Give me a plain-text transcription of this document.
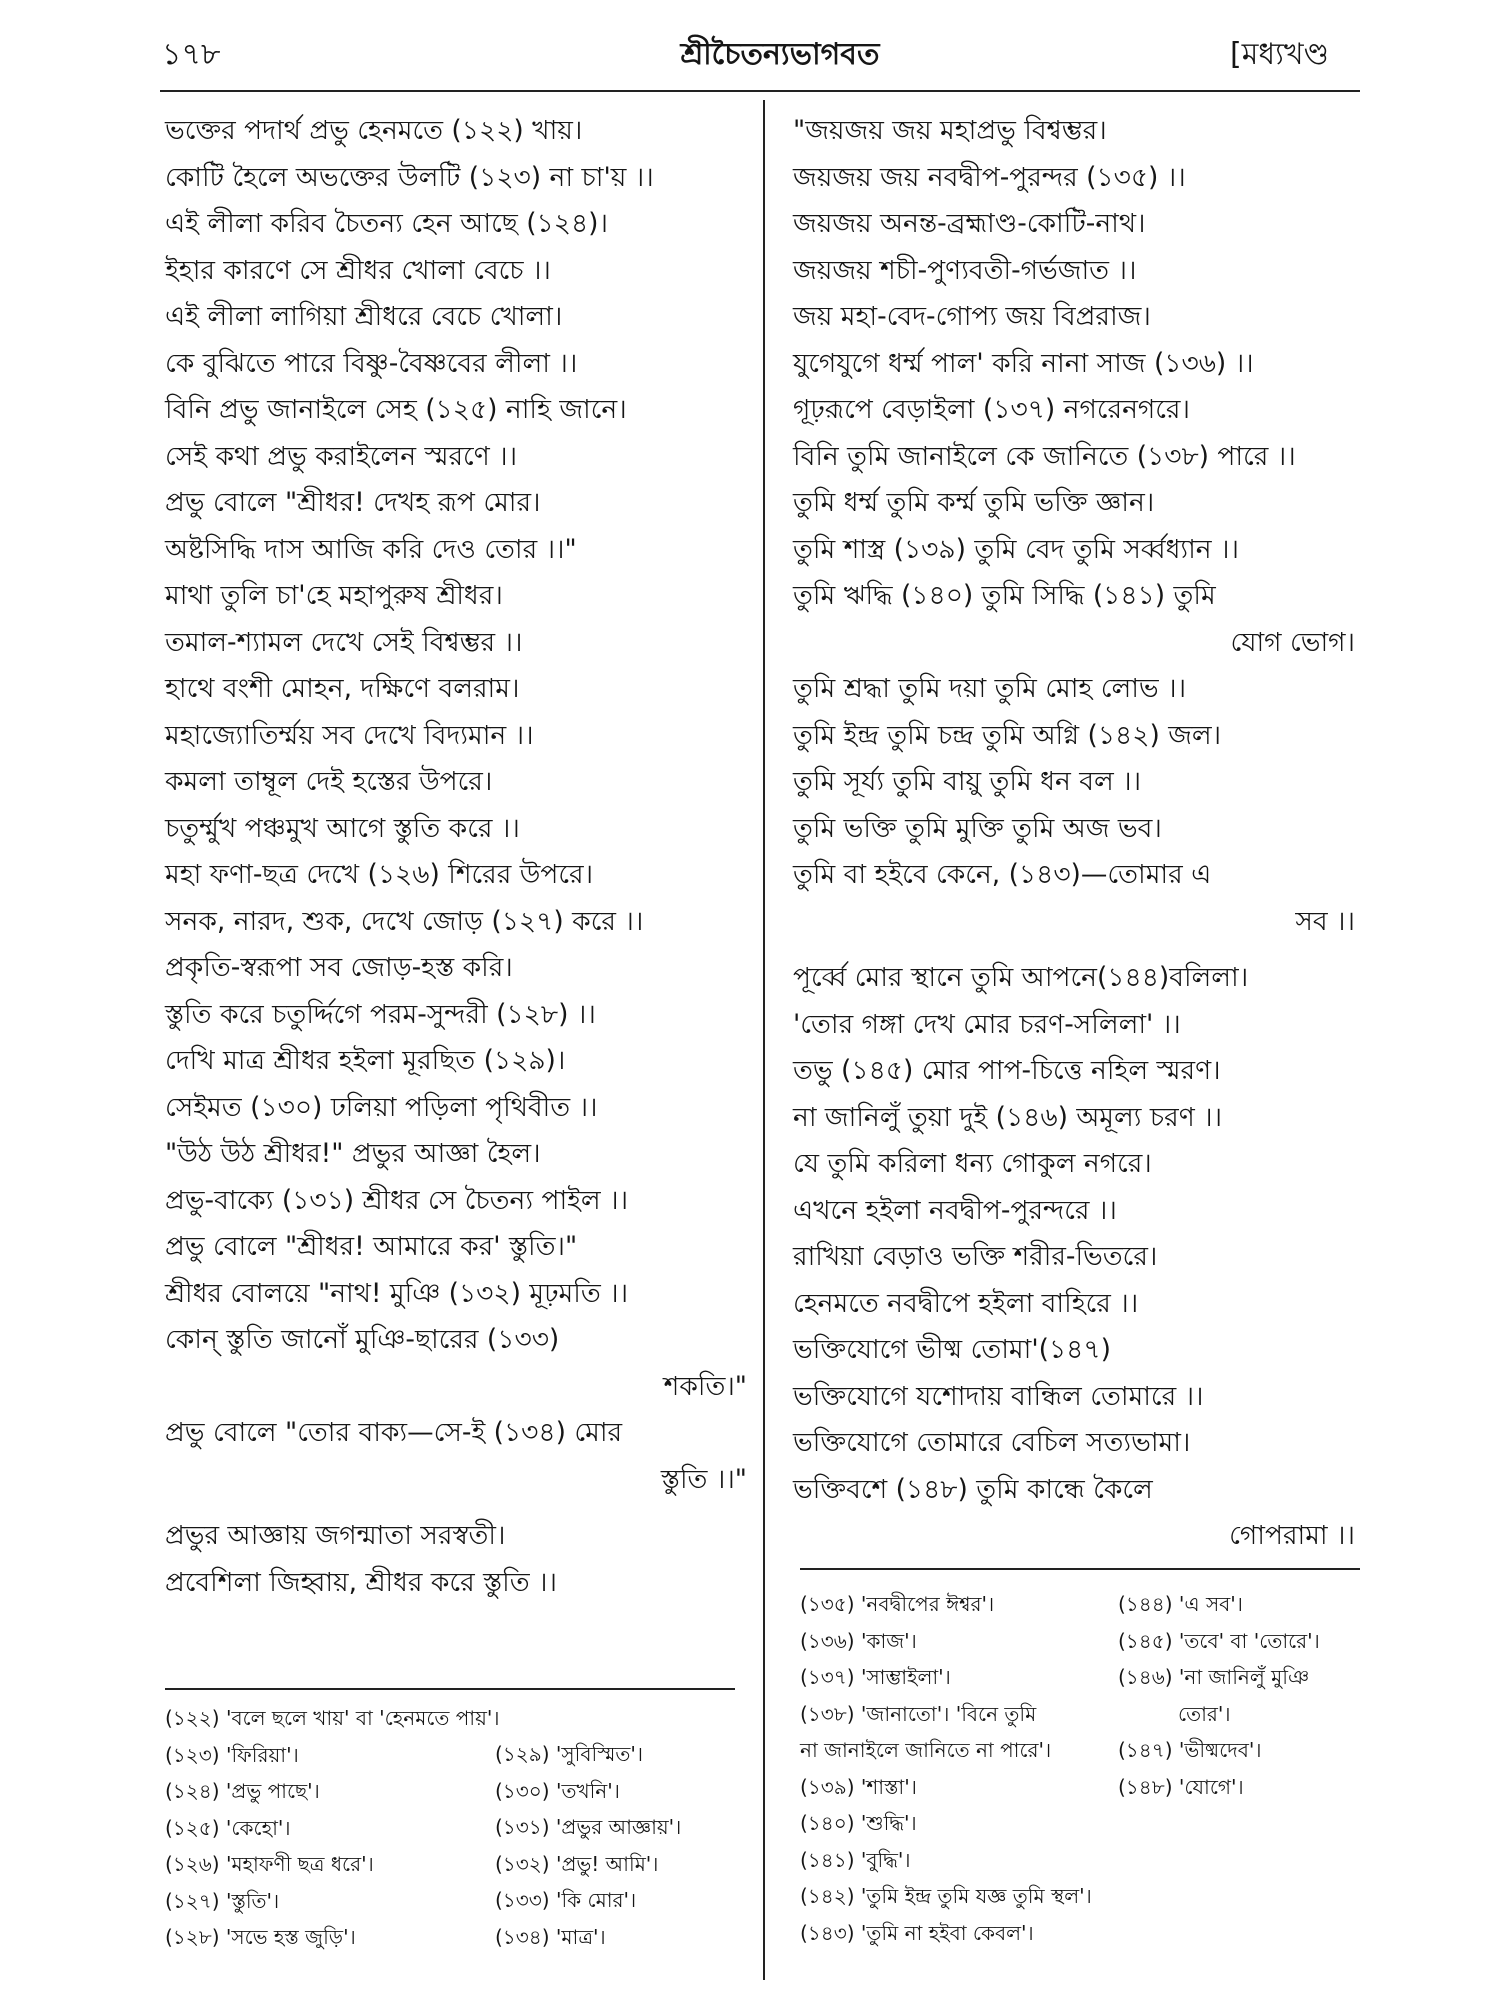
১৭৮	শ্রীচৈতন্যভাগবত	[মধ্যখণ্ড
ভক্তের পদার্থ প্রভু হেনমতে (১২২) খায়।
কোটি হৈলে অভক্তের উলটি (১২৩) না চা'য় ।।
এই লীলা করিব চৈতন্য হেন আছে (১২৪)।
ইহার কারণে সে শ্রীধর খোলা বেচে ।।
এই লীলা লাগিয়া শ্রীধরে বেচে খোলা।
কে বুঝিতে পারে বিষ্ণু-বৈষ্ণবের লীলা ।।
বিনি প্রভু জানাইলে সেহ (১২৫) নাহি জানে।
সেই কথা প্রভু করাইলেন স্মরণে ।।
প্রভু বোলে "শ্রীধর! দেখহ রূপ মোর।
অষ্টসিদ্ধি দাস আজি করি দেও তোর ।।"
মাথা তুলি চা'হে মহাপুরুষ শ্রীধর।
তমাল-শ্যামল দেখে সেই বিশ্বম্ভর ।।
হাথে বংশী মোহন, দক্ষিণে বলরাম।
মহাজ্যোতির্ম্ময় সব দেখে বিদ্যমান ।।
কমলা তাম্বূল দেই হস্তের উপরে।
চতুর্ম্মুখ পঞ্চমুখ আগে স্তুতি করে ।।
মহা ফণা-ছত্র দেখে (১২৬) শিরের উপরে।
সনক, নারদ, শুক, দেখে জোড় (১২৭) করে ।।
প্রকৃতি-স্বরূপা সব জোড়-হস্ত করি।
স্তুতি করে চতুর্দ্দিগে পরম-সুন্দরী (১২৮) ।।
দেখি মাত্র শ্রীধর হইলা মূরছিত (১২৯)।
সেইমত (১৩০) ঢলিয়া পড়িলা পৃথিবীত ।।
"উঠ উঠ শ্রীধর!" প্রভুর আজ্ঞা হৈল।
প্রভু-বাক্যে (১৩১) শ্রীধর সে চৈতন্য পাইল ।।
প্রভু বোলে "শ্রীধর! আমারে কর' স্তুতি।"
শ্রীধর বোলয়ে "নাথ! মুঞি (১৩২) মূঢ়মতি ।।
কোন্ স্তুতি জানোঁ মুঞি-ছারের (১৩৩)
শকতি।"
প্রভু বোলে "তোর বাক্য—সে-ই (১৩৪) মোর
স্তুতি ।।"
প্রভুর আজ্ঞায় জগন্মাতা সরস্বতী।
প্রবেশিলা জিহ্বায়, শ্রীধর করে স্তুতি ।।
"জয়জয় জয় মহাপ্রভু বিশ্বম্ভর।
জয়জয় জয় নবদ্বীপ-পুরন্দর (১৩৫) ।।
জয়জয় অনন্ত-ব্রহ্মাণ্ড-কোটি-নাথ।
জয়জয় শচী-পুণ্যবতী-গর্ভজাত ।।
জয় মহা-বেদ-গোপ্য জয় বিপ্ররাজ।
যুগেযুগে ধর্ম্ম পাল' করি নানা সাজ (১৩৬) ।।
গূঢ়রূপে বেড়াইলা (১৩৭) নগরেনগরে।
বিনি তুমি জানাইলে কে জানিতে (১৩৮) পারে ।।
তুমি ধর্ম্ম তুমি কর্ম্ম তুমি ভক্তি জ্ঞান।
তুমি শাস্ত্র (১৩৯) তুমি বেদ তুমি সর্ব্বধ্যান ।।
তুমি ঋদ্ধি (১৪০) তুমি সিদ্ধি (১৪১) তুমি
যোগ ভোগ।
তুমি শ্রদ্ধা তুমি দয়া তুমি মোহ লোভ ।।
তুমি ইন্দ্র তুমি চন্দ্র তুমি অগ্নি (১৪২) জল।
তুমি সূর্য্য তুমি বায়ু তুমি ধন বল ।।
তুমি ভক্তি তুমি মুক্তি তুমি অজ ভব।
তুমি বা হইবে কেনে, (১৪৩)—তোমার এ
সব ।।
পূর্ব্বে মোর স্থানে তুমি আপনে(১৪৪)বলিলা।
'তোর গঙ্গা দেখ মোর চরণ-সলিলা' ।।
তভু (১৪৫) মোর পাপ-চিত্তে নহিল স্মরণ।
না জানিলুঁ তুয়া দুই (১৪৬) অমূল্য চরণ ।।
যে তুমি করিলা ধন্য গোকুল নগরে।
এখনে হইলা নবদ্বীপ-পুরন্দরে ।।
রাখিয়া বেড়াও ভক্তি শরীর-ভিতরে।
হেনমতে নবদ্বীপে হইলা বাহিরে ।।
ভক্তিযোগে ভীষ্ম তোমা'(১৪৭)
ভক্তিযোগে যশোদায় বান্ধিল তোমারে ।।
ভক্তিযোগে তোমারে বেচিল সত্যভামা।
ভক্তিবশে (১৪৮) তুমি কান্ধে কৈলে
গোপরামা ।।
(১২২) 'বলে ছলে খায়' বা 'হেনমতে পায়'।
(১২৩) 'ফিরিয়া'।
(১২৪) 'প্রভু পাছে'।
(১২৫) 'কেহো'।
(১২৬) 'মহাফণী ছত্র ধরে'।
(১২৭) 'স্তুতি'।
(১২৮) 'সভে হস্ত জুড়ি'।
(১২৯) 'সুবিস্মিত'।
(১৩০) 'তখনি'।
(১৩১) 'প্রভুর আজ্ঞায়'।
(১৩২) 'প্রভু! আমি'।
(১৩৩) 'কি মোর'।
(১৩৪) 'মাত্র'।
(১৩৫) 'নবদ্বীপের ঈশ্বর'।
(১৩৬) 'কাজ'।
(১৩৭) 'সাম্ভাইলা'।
(১৩৮) 'জানাতো'। 'বিনে তুমি
না জানাইলে জানিতে না পারে'।
(১৩৯) 'শাস্তা'।
(১৪০) 'শুদ্ধি'।
(১৪১) 'বুদ্ধি'।
(১৪২) 'তুমি ইন্দ্র তুমি যজ্ঞ তুমি স্থল'।
(১৪৩) 'তুমি না হইবা কেবল'।
(১৪৪) 'এ সব'।
(১৪৫) 'তবে' বা 'তোরে'।
(১৪৬) 'না জানিলুঁ মুঞি
তোর'।
(১৪৭) 'ভীষ্মদেব'।
(১৪৮) 'যোগে'।
